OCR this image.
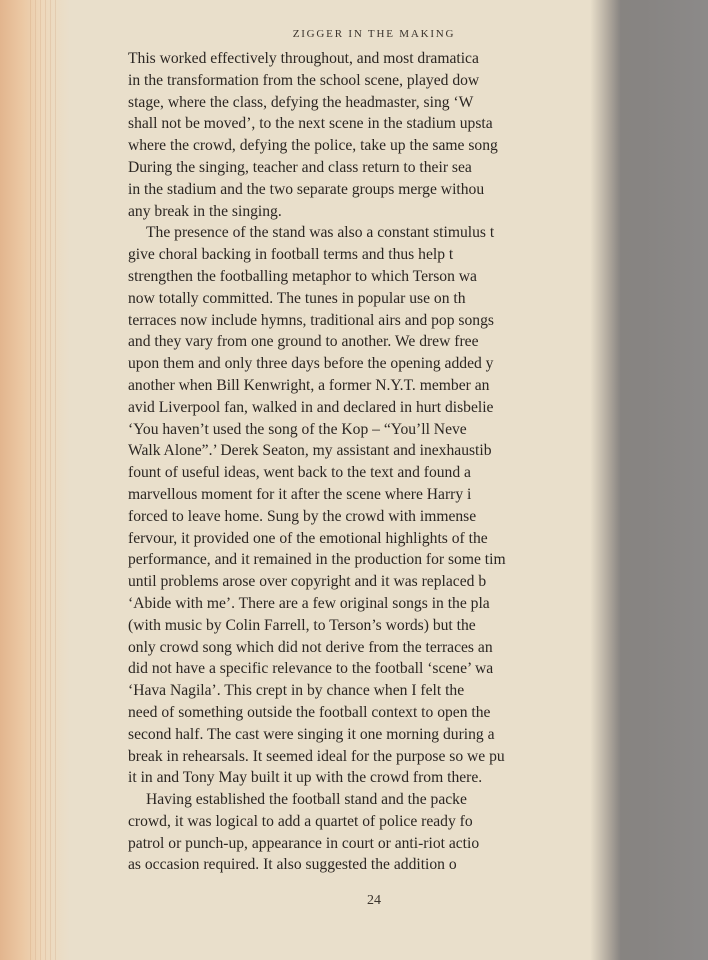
ZIGGER IN THE MAKING
This worked effectively throughout, and most dramatica
in the transformation from the school scene, played dow
stage, where the class, defying the headmaster, sing ‘W
shall not be moved’, to the next scene in the stadium upsta
where the crowd, defying the police, take up the same song
During the singing, teacher and class return to their sea
in the stadium and the two separate groups merge withou
any break in the singing.
The presence of the stand was also a constant stimulus t
give choral backing in football terms and thus help t
strengthen the footballing metaphor to which Terson wa
now totally committed. The tunes in popular use on th
terraces now include hymns, traditional airs and pop songs
and they vary from one ground to another. We drew free
upon them and only three days before the opening added y
another when Bill Kenwright, a former N.Y.T. member an
avid Liverpool fan, walked in and declared in hurt disbelie
‘You haven’t used the song of the Kop – “You’ll Neve
Walk Alone”.’ Derek Seaton, my assistant and inexhaustib
fount of useful ideas, went back to the text and found a
marvellous moment for it after the scene where Harry i
forced to leave home. Sung by the crowd with immense
fervour, it provided one of the emotional highlights of the
performance, and it remained in the production for some tim
until problems arose over copyright and it was replaced b
‘Abide with me’. There are a few original songs in the pla
(with music by Colin Farrell, to Terson’s words) but the
only crowd song which did not derive from the terraces an
did not have a specific relevance to the football ‘scene’ wa
‘Hava Nagila’. This crept in by chance when I felt the
need of something outside the football context to open the
second half. The cast were singing it one morning during a
break in rehearsals. It seemed ideal for the purpose so we pu
it in and Tony May built it up with the crowd from there.
Having established the football stand and the packe
crowd, it was logical to add a quartet of police ready fo
patrol or punch-up, appearance in court or anti-riot actio
as occasion required. It also suggested the addition o
24
